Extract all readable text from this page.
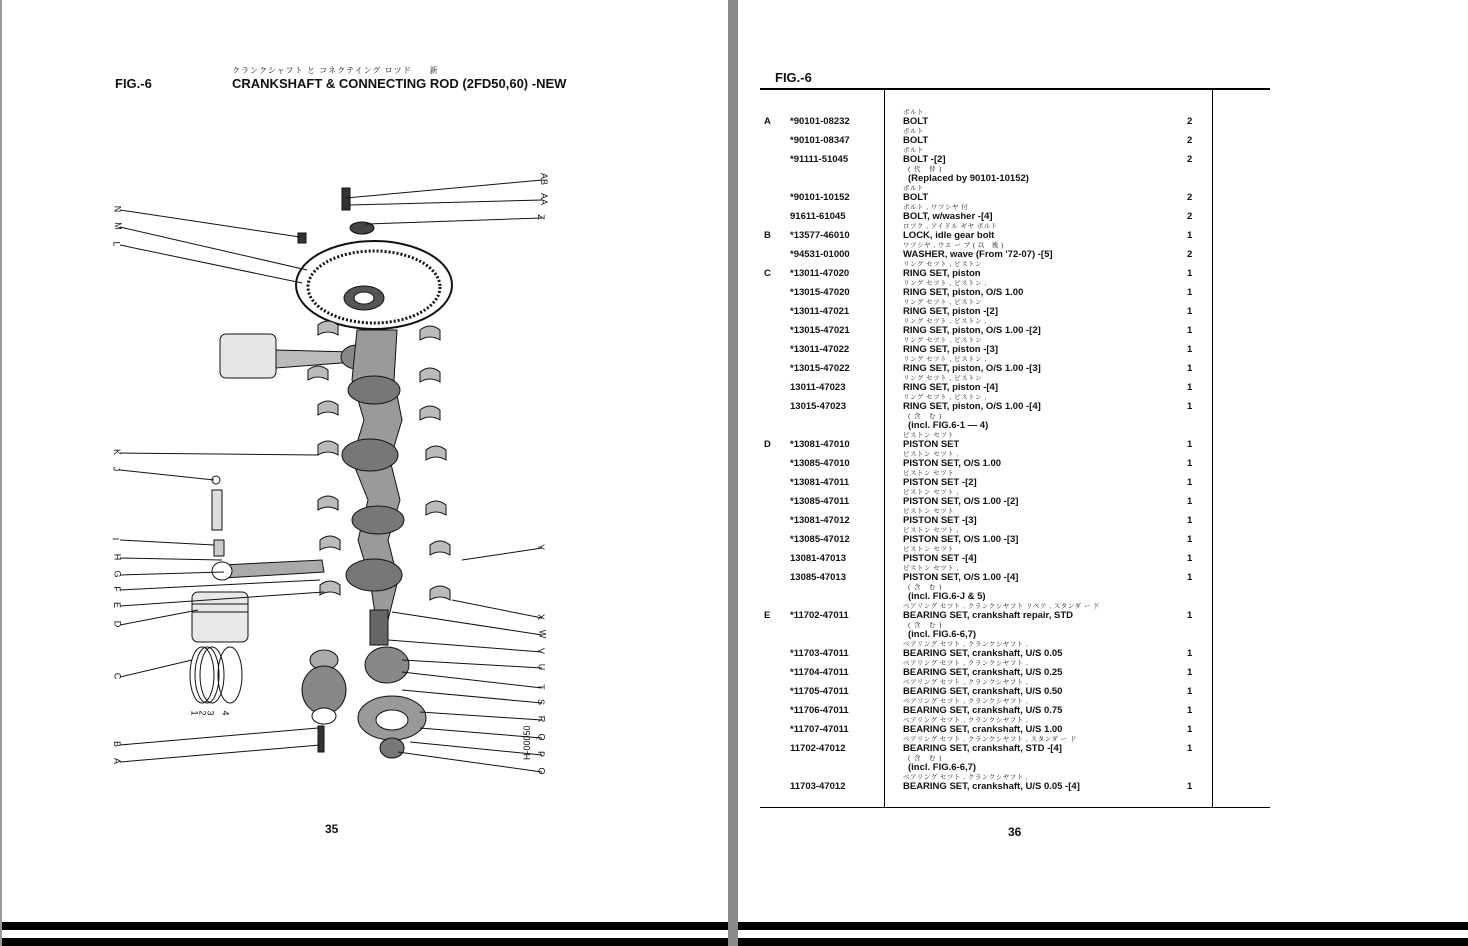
クランクシャフト と コネクテイング ロツド　　新
FIG.-6	CRANKSHAFT & CONNECTING ROD (2FD50,60) -NEW
N
M
L
K
J
I
H
G
F
E
D
C
B
A
1
2
3 4
AB
AA
Z
Y
X
W
V
U
T
S
R
Q
P
O
35
H-00050
FIG.-6
A *90101-08232
ボルト
BOLT	2
*90101-08347
ボルト
BOLT	2
*91111-51045
ボルト
BOLT -[2]	2
( 代　替 )
(Replaced by 90101-10152)
*90101-10152
ボルト
BOLT	2
91611-61045
ボルト , ワツシヤ 付
BOLT, w/washer -[4]	2
B *13577-46010
ロツク , アイドル ギヤ ボルト
LOCK, idle gear bolt	1
*94531-01000
ワツシヤ , ウエ ー ブ ( 以　後 )
WASHER, wave (From '72-07) -[5]	2
C *13011-47020
リング セツト , ピストン
RING SET, piston	1
*13015-47020
リング セツト , ピストン ,
RING SET, piston, O/S 1.00	1
*13011-47021
リング セツト , ピストン
RING SET, piston -[2]	1
*13015-47021
リング セツト , ピストン ,
RING SET, piston, O/S 1.00 -[2]	1
*13011-47022
リング セツト , ピストン
RING SET, piston -[3]	1
*13015-47022
リング セツト , ピストン ,
RING SET, piston, O/S 1.00 -[3]	1
13011-47023
リング セツト , ピストン
RING SET, piston -[4]	1
13015-47023
リング セツト , ピストン ,
RING SET, piston, O/S 1.00 -[4]	1
( 含　む )
(incl. FIG.6-1 ― 4)
D *13081-47010
ピストン セツト
PISTON SET	1
*13085-47010
ピストン セツト ,
PISTON SET, O/S 1.00	1
*13081-47011
ピストン セツト
PISTON SET -[2]	1
*13085-47011
ピストン セツト ,
PISTON SET, O/S 1.00 -[2]	1
*13081-47012
ピストン セツト
PISTON SET -[3]	1
*13085-47012
ピストン セツト ,
PISTON SET, O/S 1.00 -[3]	1
13081-47013
ピストン セツト
PISTON SET -[4]	1
13085-47013
ピストン セツト ,
PISTON SET, O/S 1.00 -[4]	1
( 含　む )
(incl. FIG.6-J & 5)
E *11702-47011
ベアリング セツト , クランクシヤフト リペア , スタンダ ー ド
BEARING SET, crankshaft repair, STD	1
( 含　む )
(incl. FIG.6-6,7)
*11703-47011
ベアリング セツト , クランクシヤフト ,
BEARING SET, crankshaft, U/S 0.05	1
*11704-47011
ベアリング セツト , クランクシヤフト ,
BEARING SET, crankshaft, U/S 0.25	1
*11705-47011
ベアリング セツト , クランクシヤフト ,
BEARING SET, crankshaft, U/S 0.50	1
*11706-47011
ベアリング セツト , クランクシヤフト ,
BEARING SET, crankshaft, U/S 0.75	1
*11707-47011
ベアリング セツト , クランクシヤフト ,
BEARING SET, crankshaft, U/S 1.00	1
11702-47012
ベアリング セツト , クランクシヤフト , スタンダ ー ド
BEARING SET, crankshaft, STD -[4]	1
( 含　む )
(incl. FIG.6-6,7)
11703-47012
ベアリング セツト , クランクシヤフト ,
BEARING SET, crankshaft, U/S 0.05 -[4]	1
36
